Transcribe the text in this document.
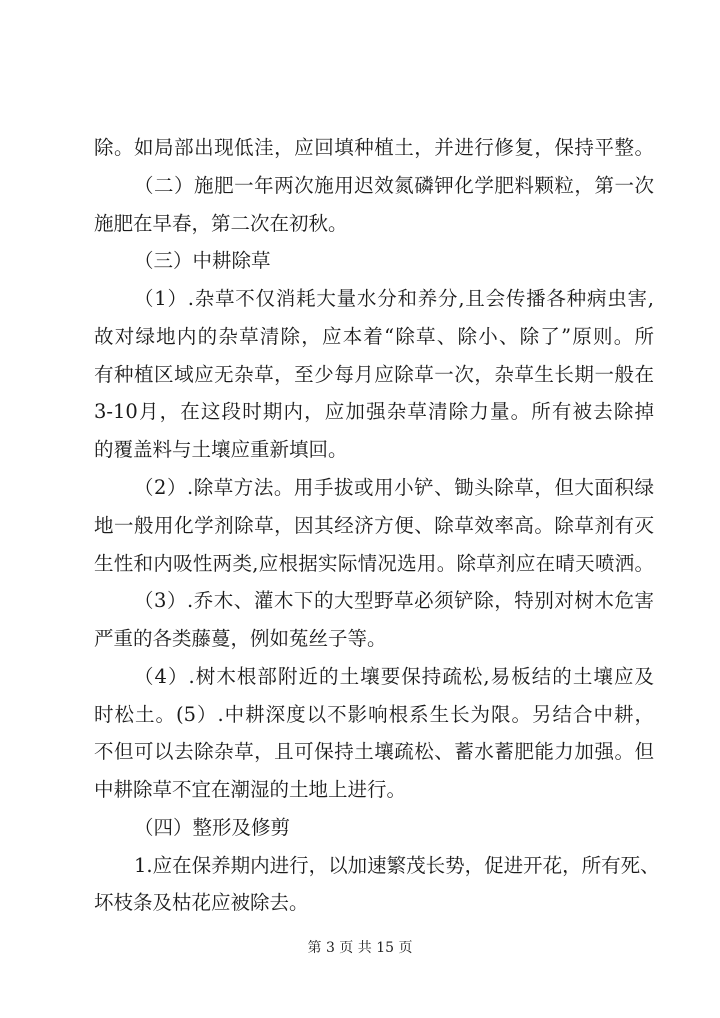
除。如局部出现低洼，应回填种植土，并进行修复，保持平整。
（二）施肥一年两次施用迟效氮磷钾化学肥料颗粒，第一次
施肥在早春，第二次在初秋。
（三）中耕除草
（1）.杂草不仅消耗大量水分和养分,且会传播各种病虫害,
故对绿地内的杂草清除，应本着“除草、除小、除了”原则。所
有种植区域应无杂草，至少每月应除草一次，杂草生长期一般在
3-10月，在这段时期内，应加强杂草清除力量。所有被去除掉
的覆盖料与土壤应重新填回。
（2）.除草方法。用手拔或用小铲、锄头除草，但大面积绿
地一般用化学剂除草，因其经济方便、除草效率高。除草剂有灭
生性和内吸性两类,应根据实际情况选用。除草剂应在晴天喷洒。
（3）.乔木、灌木下的大型野草必须铲除，特别对树木危害
严重的各类藤蔓，例如菟丝子等。
（4）.树木根部附近的土壤要保持疏松,易板结的土壤应及
时松土。(5）.中耕深度以不影响根系生长为限。另结合中耕，
不但可以去除杂草，且可保持土壤疏松、蓄水蓄肥能力加强。但
中耕除草不宜在潮湿的土地上进行。
（四）整形及修剪
1.应在保养期内进行，以加速繁茂长势，促进开花，所有死、
坏枝条及枯花应被除去。
第 3 页 共 15 页
